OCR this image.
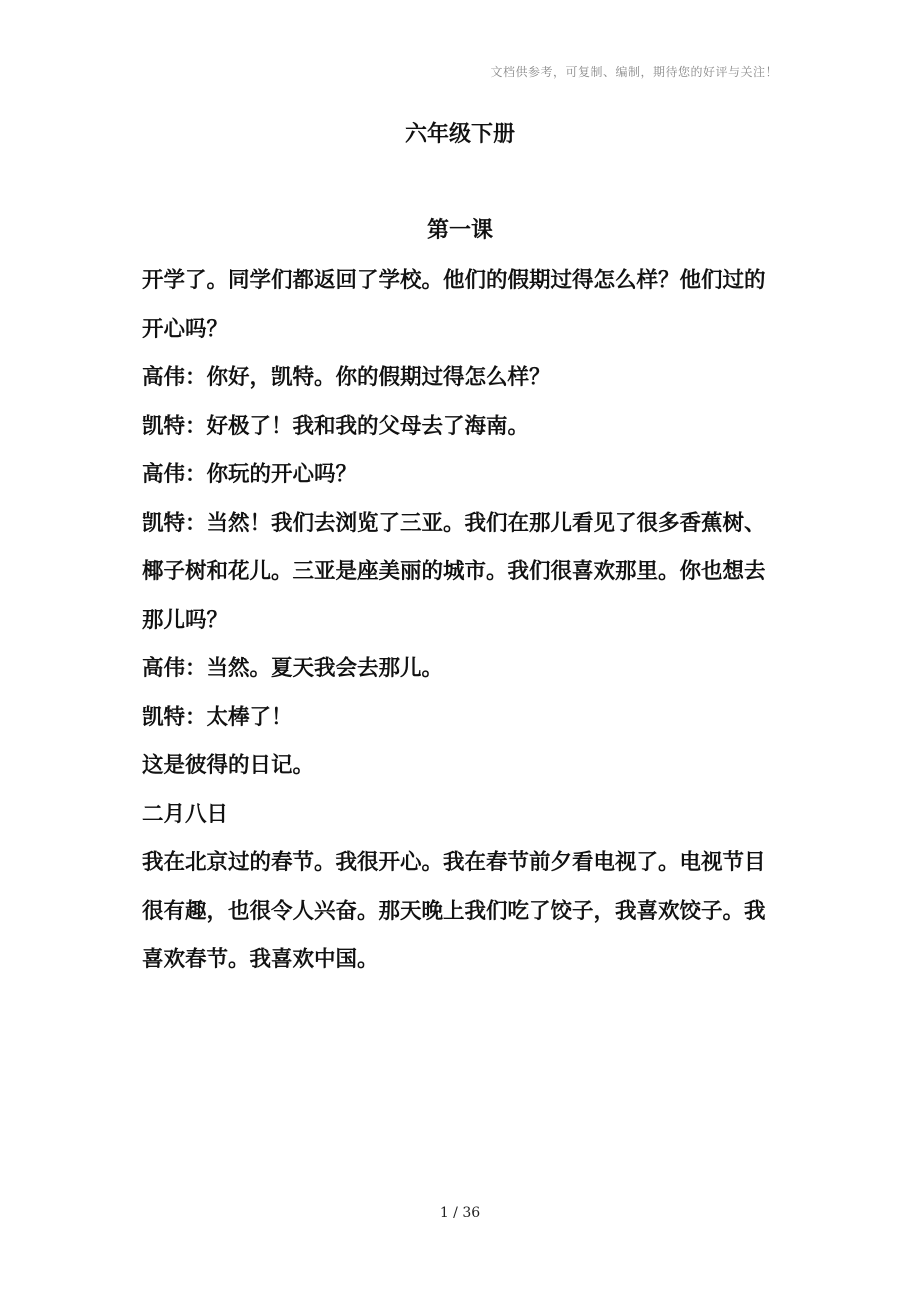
文档供参考，可复制、编制，期待您的好评与关注！
六年级下册
第一课
开学了。同学们都返回了学校。他们的假期过得怎么样？他们过的开心吗？
高伟：你好，凯特。你的假期过得怎么样？
凯特：好极了！我和我的父母去了海南。
高伟：你玩的开心吗？
凯特：当然！我们去浏览了三亚。我们在那儿看见了很多香蕉树、椰子树和花儿。三亚是座美丽的城市。我们很喜欢那里。你也想去那儿吗？
高伟：当然。夏天我会去那儿。
凯特：太棒了！
这是彼得的日记。
二月八日
我在北京过的春节。我很开心。我在春节前夕看电视了。电视节目很有趣，也很令人兴奋。那天晚上我们吃了饺子，我喜欢饺子。我喜欢春节。我喜欢中国。
1 / 36
